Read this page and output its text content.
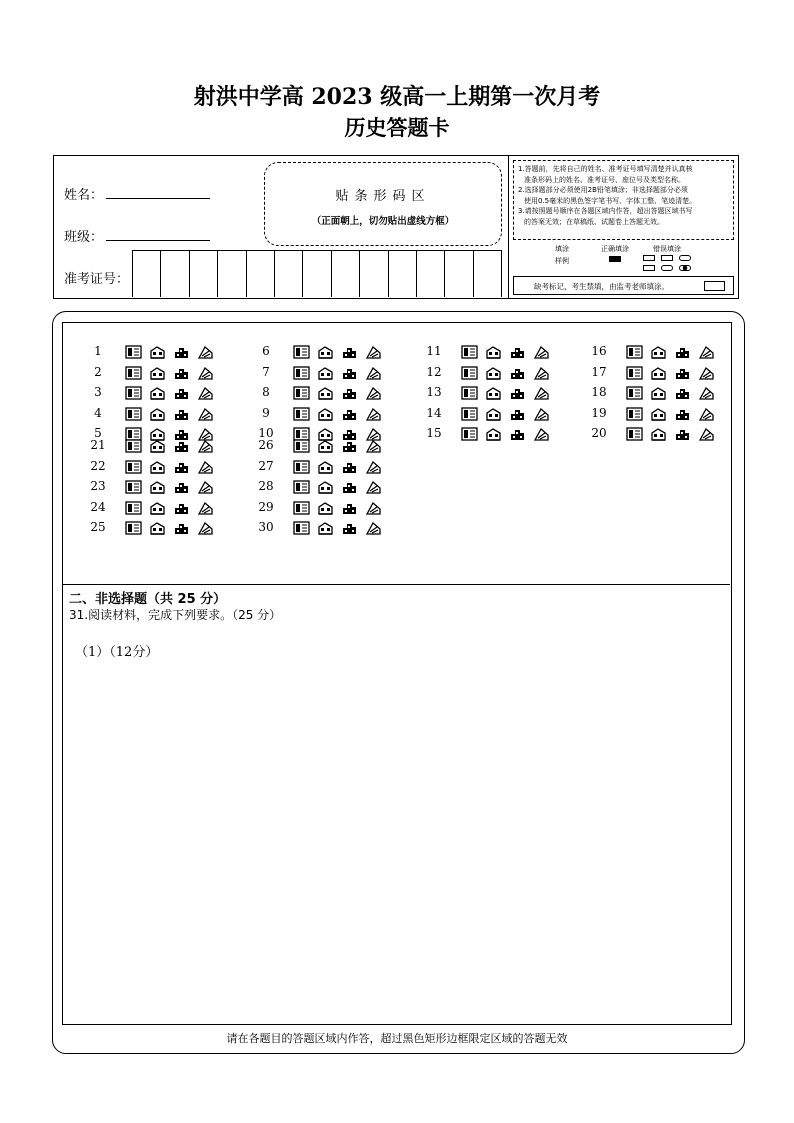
射洪中学高 2023 级高一上期第一次月考
历史答题卡
姓名：
班级：
准考证号：
贴条形码区
（正面朝上，切勿贴出虚线方框）
1.答题前，先将自己的姓名、准考证号填写清楚并认真核
准条形码上的姓名、准考证号、座位号及类型名称。
2.选择题部分必须使用2B铅笔填涂；非选择题部分必须
使用0.5毫米的黑色签字笔书写，字体工整、笔迹清楚。
3.请按照题号顺序在各题区域内作答，超出答题区域书写
的答案无效；在草稿纸、试题卷上答题无效。
填涂
样例
正确填涂	错误填涂
缺考标记，考生禁填，由监考老师填涂。
1
2
3
4
5
6
7
8
9
10
11
12
13
14
15
16
17
18
19
20
21
22
23
24
25
26
27
28
29
30
二、非选择题（共 25 分）
31.阅读材料，完成下列要求。（25 分）
（1）（12分）
请在各题目的答题区域内作答，超过黑色矩形边框限定区域的答题无效
